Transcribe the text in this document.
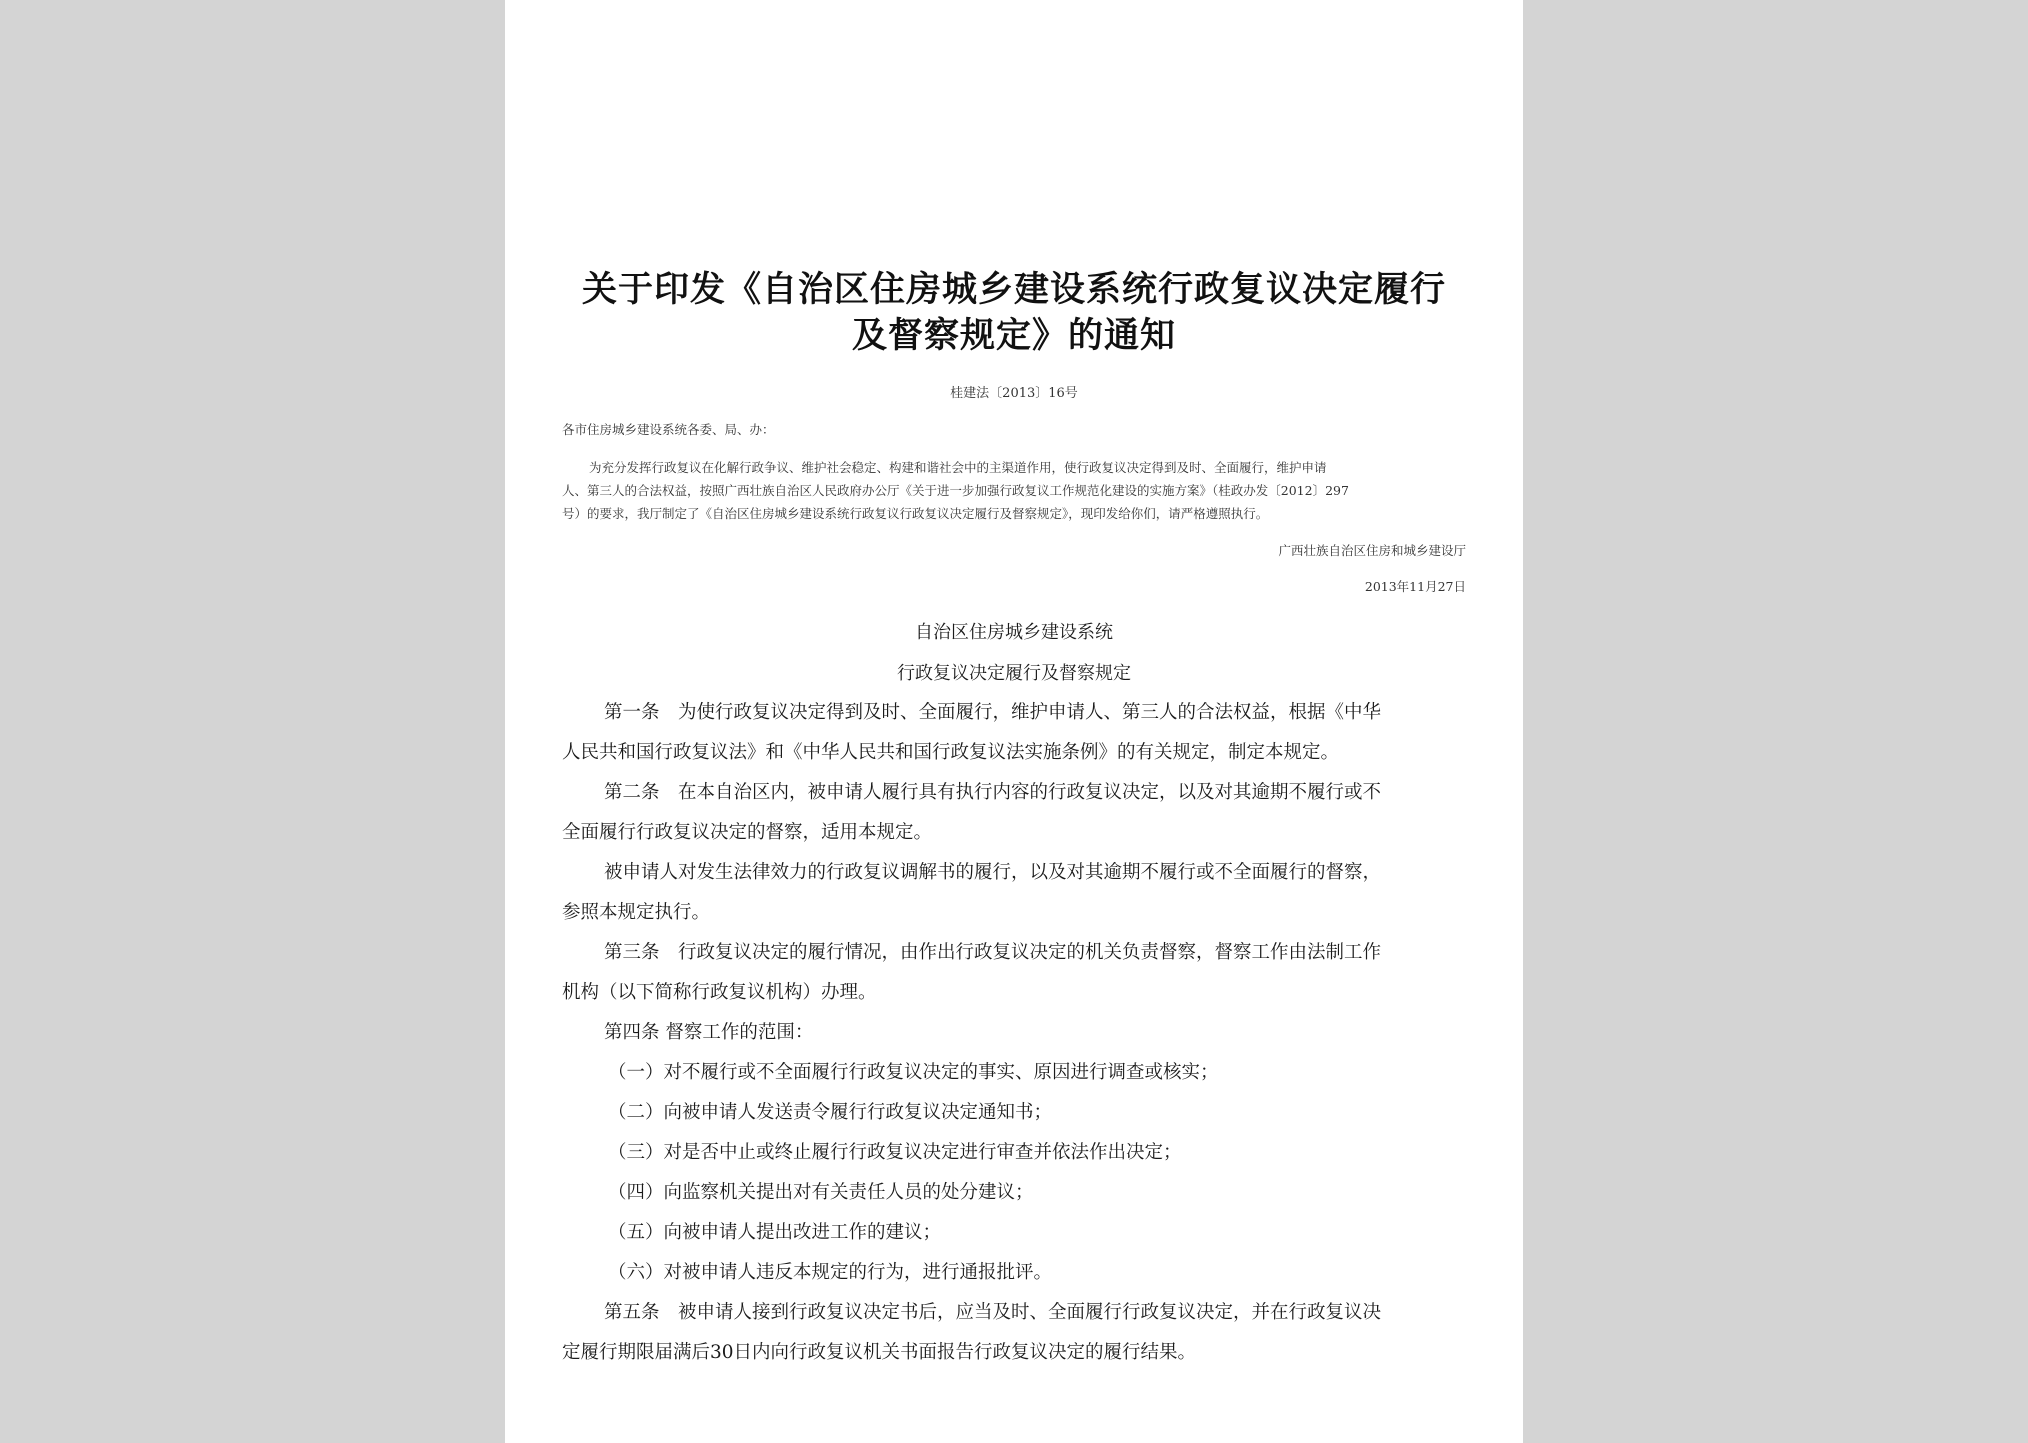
关于印发《自治区住房城乡建设系统行政复议决定履行
及督察规定》的通知
桂建法〔2013〕16号
各市住房城乡建设系统各委、局、办：
为充分发挥行政复议在化解行政争议、维护社会稳定、构建和谐社会中的主渠道作用，使行政复议决定得到及时、全面履行，维护申请
人、第三人的合法权益，按照广西壮族自治区人民政府办公厅《关于进一步加强行政复议工作规范化建设的实施方案》（桂政办发〔2012〕297
号）的要求，我厅制定了《自治区住房城乡建设系统行政复议行政复议决定履行及督察规定》，现印发给你们，请严格遵照执行。
广西壮族自治区住房和城乡建设厅
2013年11月27日
自治区住房城乡建设系统
行政复议决定履行及督察规定
第一条　为使行政复议决定得到及时、全面履行，维护申请人、第三人的合法权益，根据《中华
人民共和国行政复议法》和《中华人民共和国行政复议法实施条例》的有关规定，制定本规定。
第二条　在本自治区内，被申请人履行具有执行内容的行政复议决定，以及对其逾期不履行或不
全面履行行政复议决定的督察，适用本规定。
被申请人对发生法律效力的行政复议调解书的履行，以及对其逾期不履行或不全面履行的督察，
参照本规定执行。
第三条　行政复议决定的履行情况，由作出行政复议决定的机关负责督察，督察工作由法制工作
机构（以下简称行政复议机构）办理。
第四条 督察工作的范围：
（一）对不履行或不全面履行行政复议决定的事实、原因进行调查或核实；
（二）向被申请人发送责令履行行政复议决定通知书；
（三）对是否中止或终止履行行政复议决定进行审查并依法作出决定；
（四）向监察机关提出对有关责任人员的处分建议；
（五）向被申请人提出改进工作的建议；
（六）对被申请人违反本规定的行为，进行通报批评。
第五条　被申请人接到行政复议决定书后，应当及时、全面履行行政复议决定，并在行政复议决
定履行期限届满后30日内向行政复议机关书面报告行政复议决定的履行结果。
